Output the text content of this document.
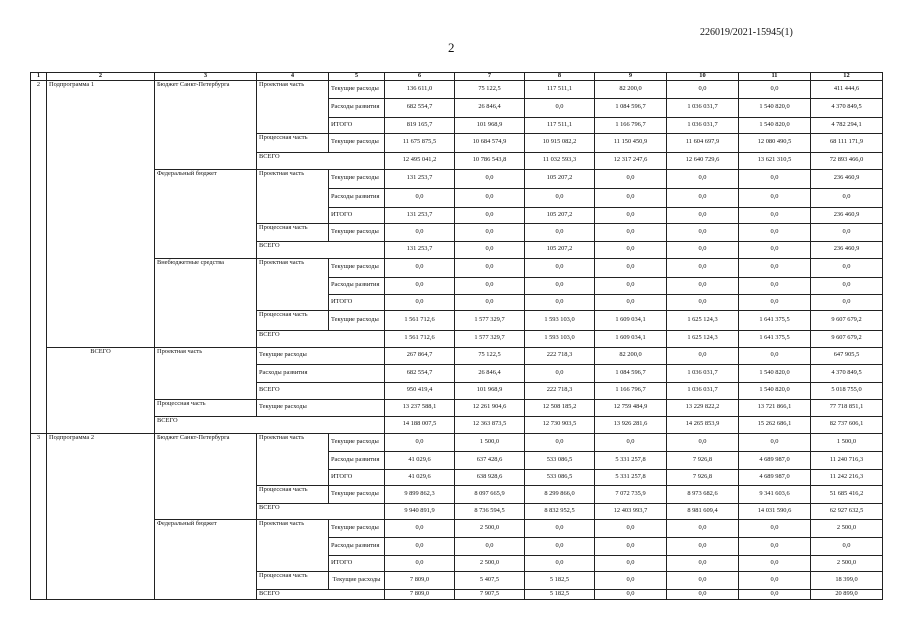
226019/2021-15945(1)
2
1	2	3	4	5	6	7	8	9	10	11	12
2	Подпрограмма 1	Бюджет Санкт-Петербурга	Проектная часть	Текущие расходы	136 611,0	75 122,5	117 511,1	82 200,0	0,0	0,0	411 444,6
				Расходы развития	682 554,7	26 846,4	0,0	1 084 596,7	1 036 031,7	1 540 820,0	4 370 849,5
				ИТОГО	819 165,7	101 968,9	117 511,1	1 166 796,7	1 036 031,7	1 540 820,0	4 782 294,1
			Процессная часть	Текущие расходы	11 675 875,5	10 684 574,9	10 915 082,2	11 150 450,9	11 604 697,9	12 080 490,5	68 111 171,9
			ВСЕГО		12 495 041,2	10 786 543,8	11 032 593,3	12 317 247,6	12 640 729,6	13 621 310,5	72 893 466,0
		Федеральный бюджет	Проектная часть	Текущие расходы	131 253,7	0,0	105 207,2	0,0	0,0	0,0	236 460,9
				Расходы развития	0,0	0,0	0,0	0,0	0,0	0,0	0,0
				ИТОГО	131 253,7	0,0	105 207,2	0,0	0,0	0,0	236 460,9
			Процессная часть	Текущие расходы	0,0	0,0	0,0	0,0	0,0	0,0	0,0
			ВСЕГО		131 253,7	0,0	105 207,2	0,0	0,0	0,0	236 460,9
		Внебюджетные средства	Проектная часть	Текущие расходы	0,0	0,0	0,0	0,0	0,0	0,0	0,0
				Расходы развития	0,0	0,0	0,0	0,0	0,0	0,0	0,0
				ИТОГО	0,0	0,0	0,0	0,0	0,0	0,0	0,0
			Процессная часть	Текущие расходы	1 561 712,6	1 577 329,7	1 593 103,0	1 609 034,1	1 625 124,3	1 641 375,5	9 607 679,2
			ВСЕГО		1 561 712,6	1 577 329,7	1 593 103,0	1 609 034,1	1 625 124,3	1 641 375,5	9 607 679,2
	ВСЕГО	Проектная часть	Текущие расходы		267 864,7	75 122,5	222 718,3	82 200,0	0,0	0,0	647 905,5
			Расходы развития		682 554,7	26 846,4	0,0	1 084 596,7	1 036 031,7	1 540 820,0	4 370 849,5
			ВСЕГО		950 419,4	101 968,9	222 718,3	1 166 796,7	1 036 031,7	1 540 820,0	5 018 755,0
		Процессная часть	Текущие расходы		13 237 588,1	12 261 904,6	12 508 185,2	12 759 484,9	13 229 822,2	13 721 866,1	77 718 851,1
		ВСЕГО			14 188 007,5	12 363 873,5	12 730 903,5	13 926 281,6	14 265 853,9	15 262 686,1	82 737 606,1
3	Подпрограмма 2	Бюджет Санкт-Петербурга	Проектная часть	Текущие расходы	0,0	1 500,0	0,0	0,0	0,0	0,0	1 500,0
				Расходы развития	41 029,6	637 428,6	533 086,5	5 331 257,8	7 926,8	4 689 987,0	11 240 716,3
				ИТОГО	41 029,6	638 928,6	533 086,5	5 331 257,8	7 926,8	4 689 987,0	11 242 216,3
			Процессная часть	Текущие расходы	9 899 862,3	8 097 665,9	8 299 866,0	7 072 735,9	8 973 682,6	9 341 603,6	51 685 416,2
			ВСЕГО		9 940 891,9	8 736 594,5	8 832 952,5	12 403 993,7	8 981 609,4	14 031 590,6	62 927 632,5
		Федеральный бюджет	Проектная часть	Текущие расходы	0,0	2 500,0	0,0	0,0	0,0	0,0	2 500,0
				Расходы развития	0,0	0,0	0,0	0,0	0,0	0,0	0,0
				ИТОГО	0,0	2 500,0	0,0	0,0	0,0	0,0	2 500,0
			Процессная часть	Текущие расходы	7 809,0	5 407,5	5 182,5	0,0	0,0	0,0	18 399,0
			ВСЕГО		7 809,0	7 907,5	5 182,5	0,0	0,0	0,0	20 899,0
